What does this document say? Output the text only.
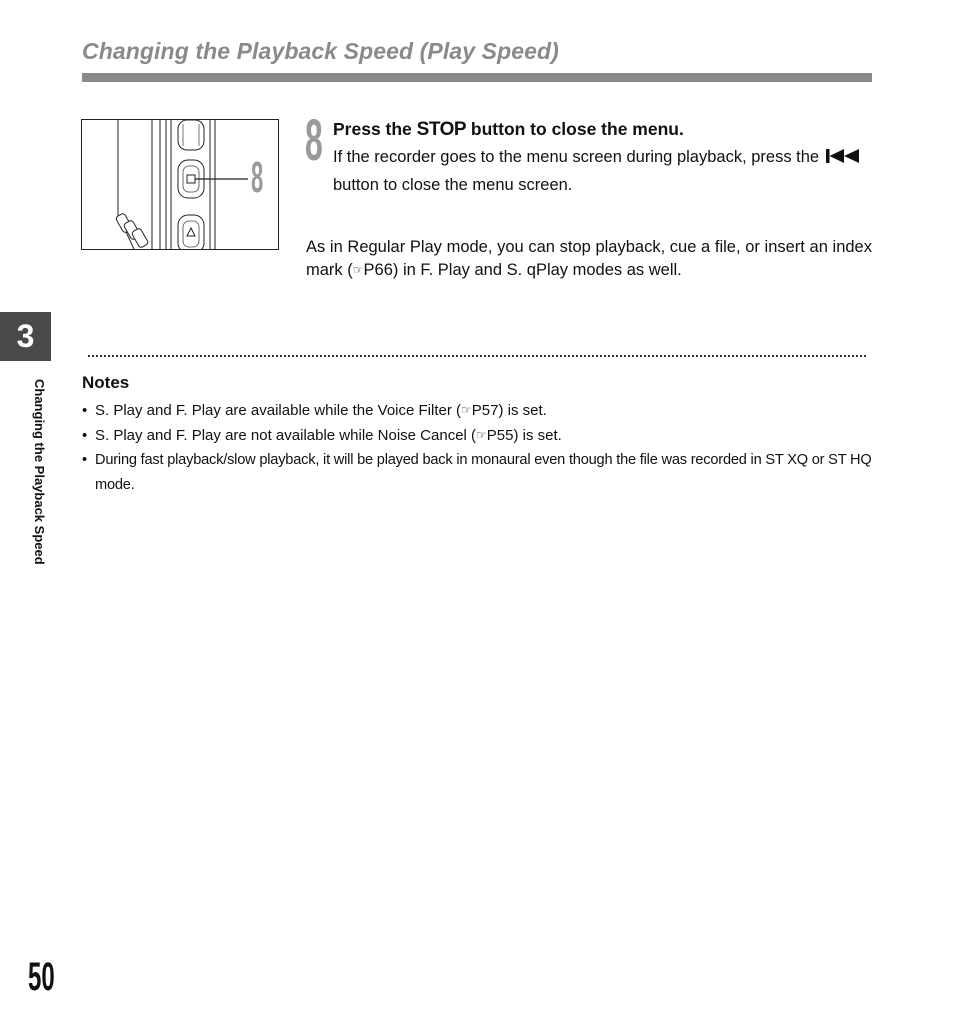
Changing the Playback Speed (Play Speed)
8
8 Press the STOP button to close the menu.
If the recorder goes to the menu screen during playback, press the  button to close the menu screen.
As in Regular Play mode, you can stop playback, cue a file, or insert an index mark (☞P66) in F. Play and S. qPlay modes as well.
3
Changing the Playback Speed Notes
• S. Play and F. Play are available while the Voice Filter (☞P57) is set.
• S. Play and F. Play are not available while Noise Cancel (☞P55) is set.
• During fast playback/slow playback, it will be played back in monaural even though the file was recorded in ST XQ or ST HQ mode.
50
